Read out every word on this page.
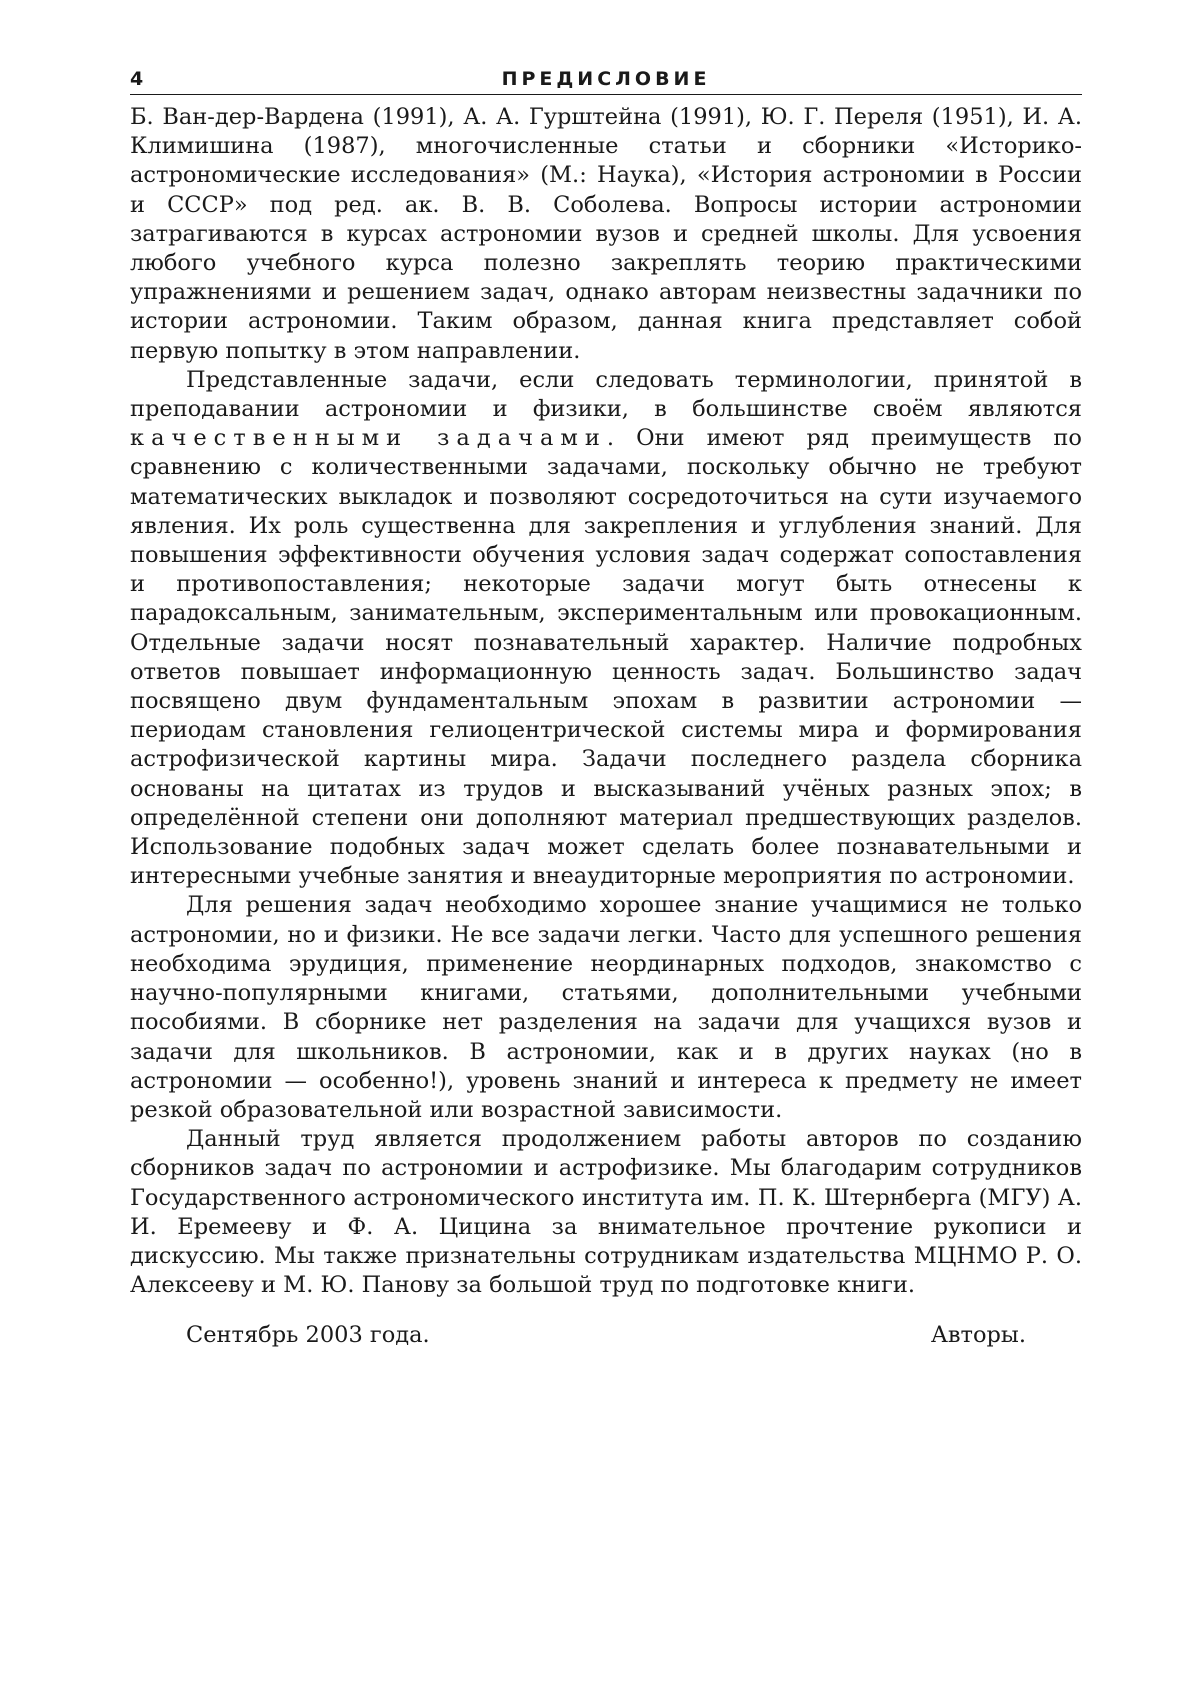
4	ПРЕДИСЛОВИЕ

Б. Ван-дер-Вардена (1991), А. А. Гурштейна (1991), Ю. Г. Переля (1951), И. А. Климишина (1987), многочисленные статьи и сборники «Историко-астрономические исследования» (М.: Наука), «История астрономии в России и СССР» под ред. ак. В. В. Соболева. Вопросы истории астрономии затрагиваются в курсах астрономии вузов и средней школы. Для усвоения любого учебного курса полезно закреплять теорию практическими упражнениями и решением задач, однако авторам неизвестны задачники по истории астрономии. Таким образом, данная книга представляет собой первую попытку в этом направлении.

Представленные задачи, если следовать терминологии, принятой в преподавании астрономии и физики, в большинстве своём являются качественными задачами. Они имеют ряд преимуществ по сравнению с количественными задачами, поскольку обычно не требуют математических выкладок и позволяют сосредоточиться на сути изучаемого явления. Их роль существенна для закрепления и углубления знаний. Для повышения эффективности обучения условия задач содержат сопоставления и противопоставления; некоторые задачи могут быть отнесены к парадоксальным, занимательным, экспериментальным или провокационным. Отдельные задачи носят познавательный характер. Наличие подробных ответов повышает информационную ценность задач. Большинство задач посвящено двум фундаментальным эпохам в развитии астрономии — периодам становления гелиоцентрической системы мира и формирования астрофизической картины мира. Задачи последнего раздела сборника основаны на цитатах из трудов и высказываний учёных разных эпох; в определённой степени они дополняют материал предшествующих разделов. Использование подобных задач может сделать более познавательными и интересными учебные занятия и внеаудиторные мероприятия по астрономии.

Для решения задач необходимо хорошее знание учащимися не только астрономии, но и физики. Не все задачи легки. Часто для успешного решения необходима эрудиция, применение неординарных подходов, знакомство с научно-популярными книгами, статьями, дополнительными учебными пособиями. В сборнике нет разделения на задачи для учащихся вузов и задачи для школьников. В астрономии, как и в других науках (но в астрономии — особенно!), уровень знаний и интереса к предмету не имеет резкой образовательной или возрастной зависимости.

Данный труд является продолжением работы авторов по созданию сборников задач по астрономии и астрофизике. Мы благодарим сотрудников Государственного астрономического института им. П. К. Штернберга (МГУ) А. И. Еремееву и Ф. А. Цицина за внимательное прочтение рукописи и дискуссию. Мы также признательны сотрудникам издательства МЦНМО Р. О. Алексееву и М. Ю. Панову за большой труд по подготовке книги.

Сентябрь 2003 года.	Авторы.
